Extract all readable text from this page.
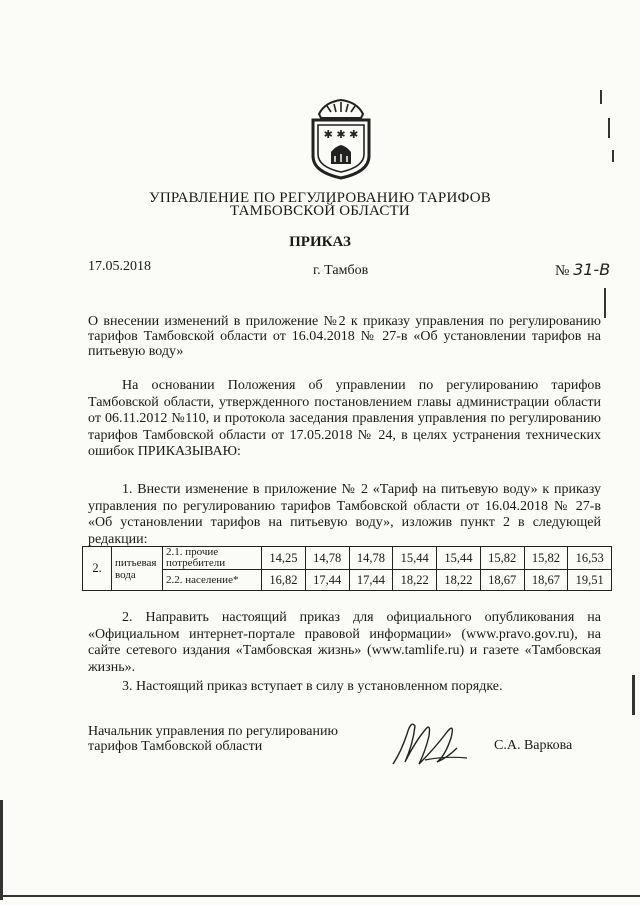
✱ ✱ ✱
УПРАВЛЕНИЕ ПО РЕГУЛИРОВАНИЮ ТАРИФОВ
ТАМБОВСКОЙ ОБЛАСТИ
ПРИКАЗ
17.05.2018	г. Тамбов	№ 31-В
О внесении изменений в приложение №2 к приказу управления по регулированию тарифов Тамбовской области от 16.04.2018 № 27-в «Об установлении тарифов на питьевую воду»
На основании Положения об управлении по регулированию тарифов Тамбовской области, утвержденного постановлением главы администрации области от 06.11.2012 №110, и протокола заседания правления управления по регулированию тарифов Тамбовской области от 17.05.2018 № 24, в целях устранения технических ошибок ПРИКАЗЫВАЮ:
1. Внести изменение в приложение № 2 «Тариф на питьевую воду» к приказу управления по регулированию тарифов Тамбовской области от 16.04.2018 № 27-в «Об установлении тарифов на питьевую воду», изложив пункт 2 в следующей редакции:
2.	питьевая вода	2.1. прочие потребители	14,25	14,78	14,78	15,44	15,44	15,82	15,82	16,53
		2.2. население*	16,82	17,44	17,44	18,22	18,22	18,67	18,67	19,51
2. Направить настоящий приказ для официального опубликования на «Официальном интернет-портале правовой информации» (www.pravo.gov.ru), на сайте сетевого издания «Тамбовская жизнь» (www.tamlife.ru) и газете «Тамбовская жизнь».
3. Настоящий приказ вступает в силу в установленном порядке.
Начальник управления по регулированию
тарифов Тамбовской области	С.А. Варкова
